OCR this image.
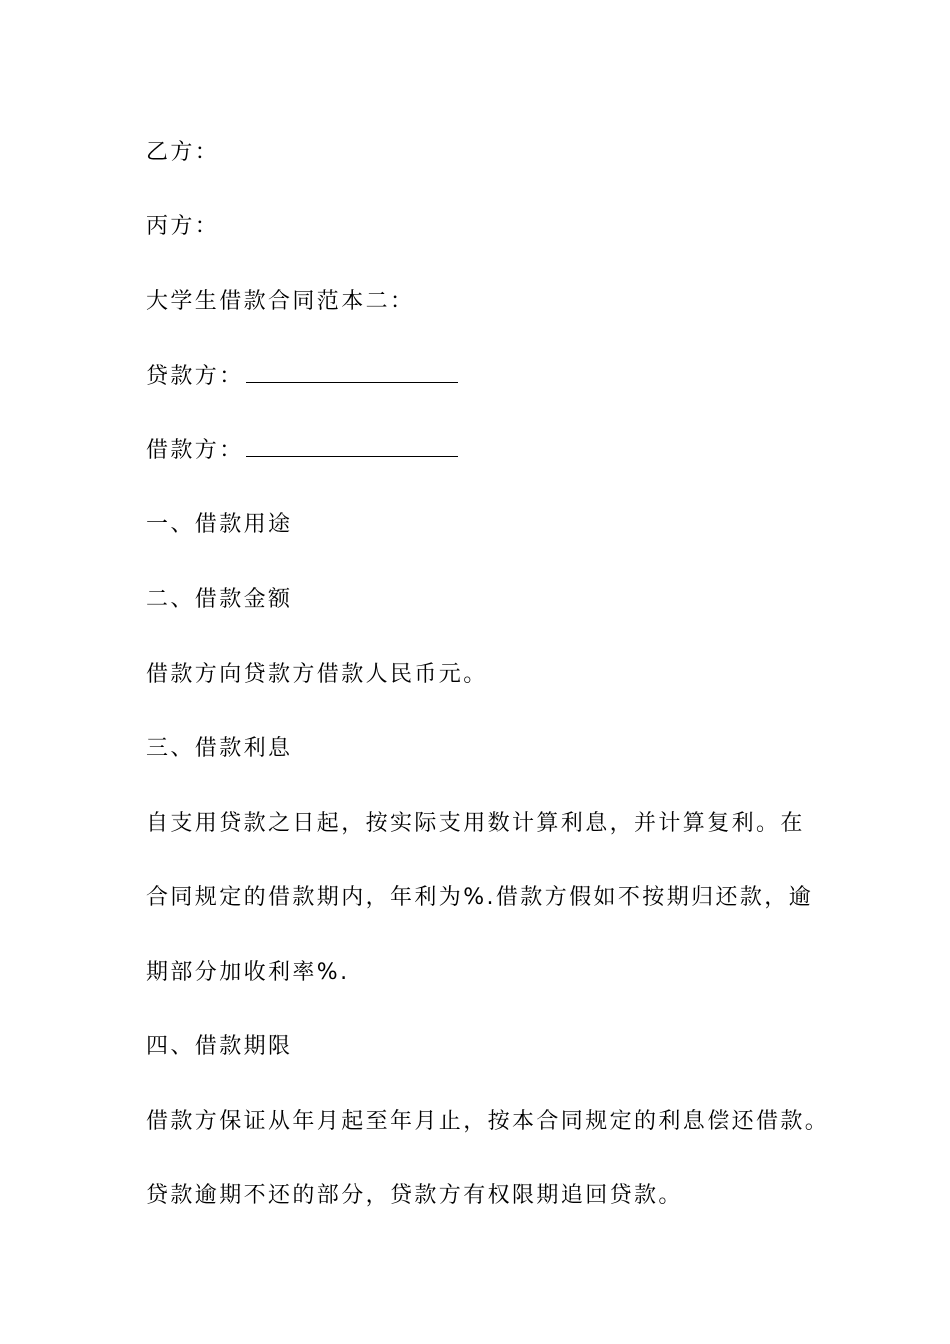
乙方：
丙方：
大学生借款合同范本二：
贷款方：
借款方：
一、借款用途
二、借款金额
借款方向贷款方借款人民币元。
三、借款利息
自支用贷款之日起，按实际支用数计算利息，并计算复利。在
合同规定的借款期内，年利为%.借款方假如不按期归还款，逾
期部分加收利率%.
四、借款期限
借款方保证从年月起至年月止，按本合同规定的利息偿还借款。
贷款逾期不还的部分，贷款方有权限期追回贷款。
